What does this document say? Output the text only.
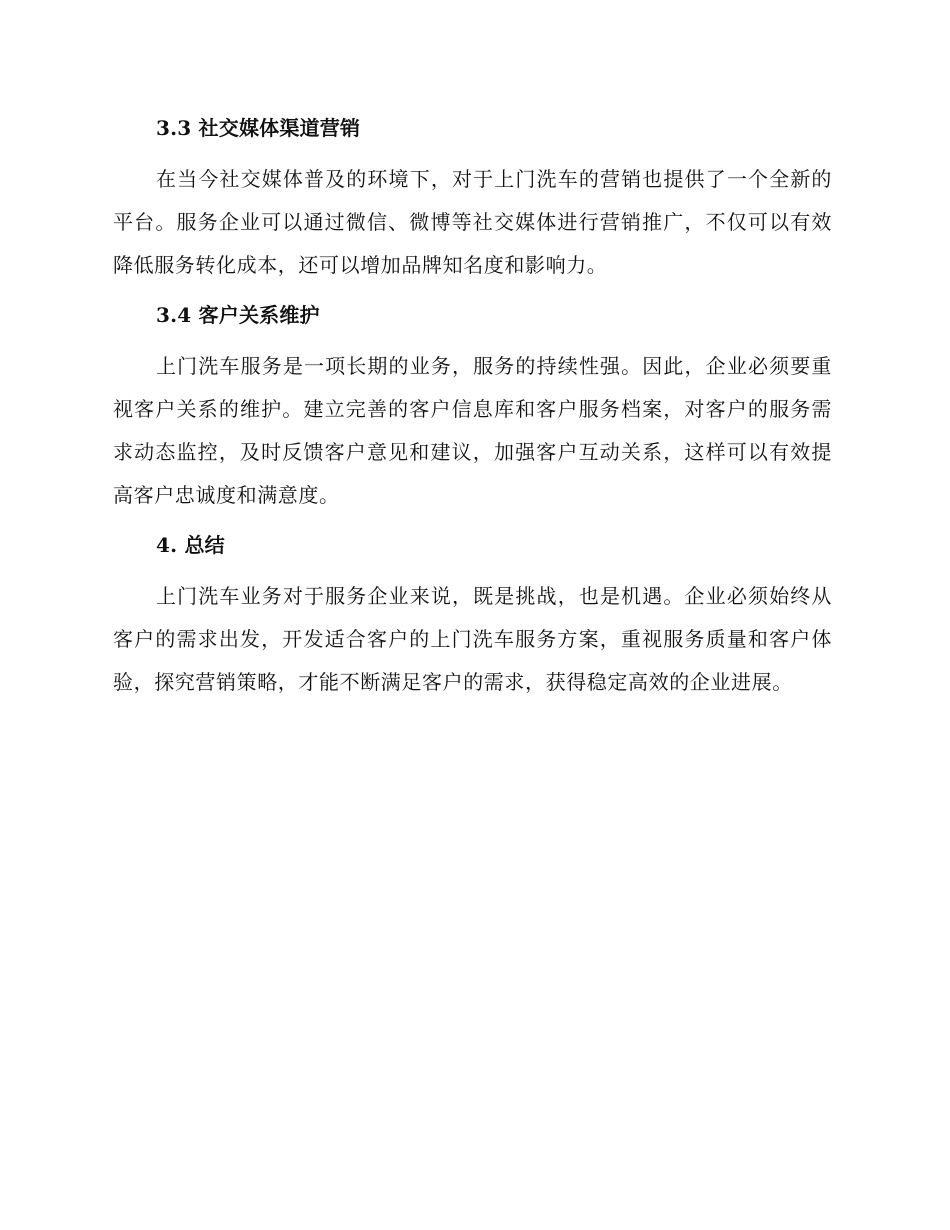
3.3 社交媒体渠道营销

在当今社交媒体普及的环境下，对于上门洗车的营销也提供了一个全新的平台。服务企业可以通过微信、微博等社交媒体进行营销推广，不仅可以有效降低服务转化成本，还可以增加品牌知名度和影响力。

3.4 客户关系维护

上门洗车服务是一项长期的业务，服务的持续性强。因此，企业必须要重视客户关系的维护。建立完善的客户信息库和客户服务档案，对客户的服务需求动态监控，及时反馈客户意见和建议，加强客户互动关系，这样可以有效提高客户忠诚度和满意度。

4. 总结

上门洗车业务对于服务企业来说，既是挑战，也是机遇。企业必须始终从客户的需求出发，开发适合客户的上门洗车服务方案，重视服务质量和客户体验，探究营销策略，才能不断满足客户的需求，获得稳定高效的企业进展。
